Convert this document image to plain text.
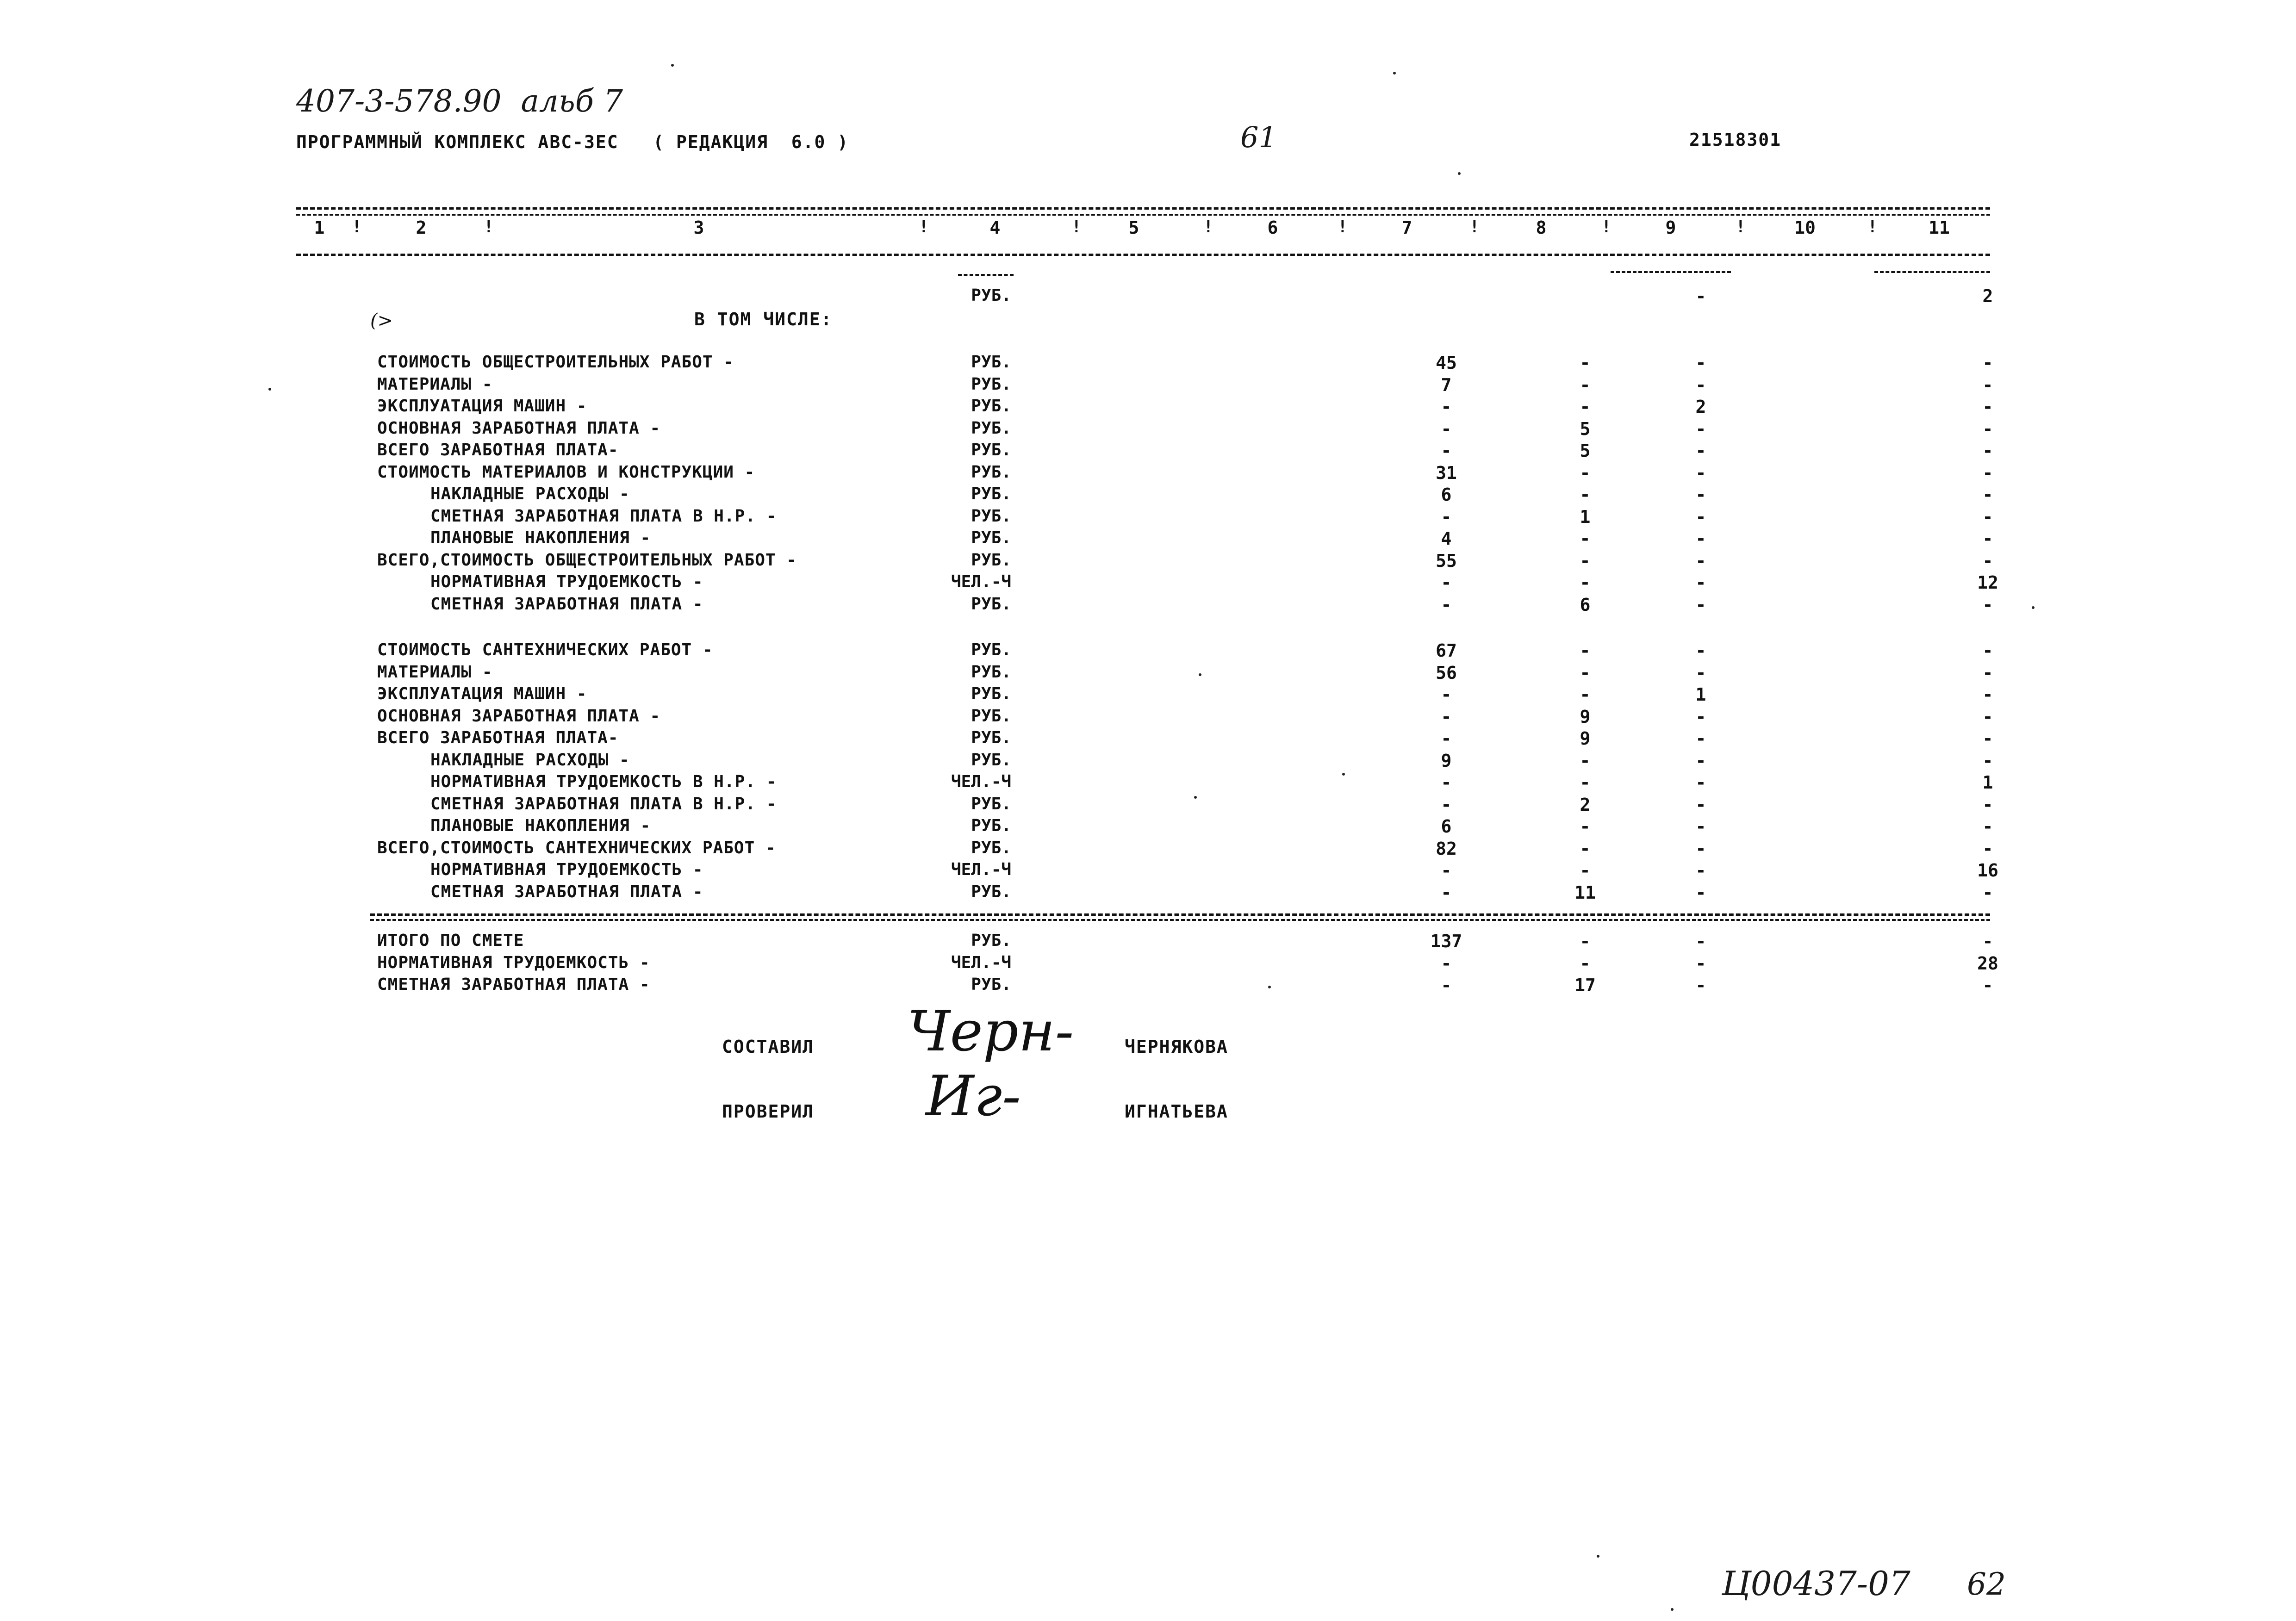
407-3-578.90  альб 7
ПРОГРАММНЫЙ КОМПЛЕКС АВС-3ЕС   ( РЕДАКЦИЯ  6.0 )	61	21518301
1	!	2	!	3	!	4	!	5	!	6	!	7	!	8	!	9	!	10	!	11
РУБ.	-	2
В ТОМ ЧИСЛЕ:
(>
СТОИМОСТЬ ОБЩЕСТРОИТЕЛЬНЫХ РАБОТ -	РУБ.	45	-	-	-
МАТЕРИАЛЫ -	РУБ.	7	-	-	-
ЭКСПЛУАТАЦИЯ МАШИН -	РУБ.	-	-	2	-
ОСНОВНАЯ ЗАРАБОТНАЯ ПЛАТА -	РУБ.	-	5	-	-
ВСЕГО ЗАРАБОТНАЯ ПЛАТА-	РУБ.	-	5	-	-
СТОИМОСТЬ МАТЕРИАЛОВ И КОНСТРУКЦИИ -	РУБ.	31	-	-	-
НАКЛАДНЫЕ РАСХОДЫ -	РУБ.	6	-	-	-
СМЕТНАЯ ЗАРАБОТНАЯ ПЛАТА В Н.Р. -	РУБ.	-	1	-	-
ПЛАНОВЫЕ НАКОПЛЕНИЯ -	РУБ.	4	-	-	-
ВСЕГО,СТОИМОСТЬ ОБЩЕСТРОИТЕЛЬНЫХ РАБОТ -	РУБ.	55	-	-	-
НОРМАТИВНАЯ ТРУДОЕМКОСТЬ -	ЧЕЛ.-Ч	-	-	-	12
СМЕТНАЯ ЗАРАБОТНАЯ ПЛАТА -	РУБ.	-	6	-	-
СТОИМОСТЬ САНТЕХНИЧЕСКИХ РАБОТ -	РУБ.	67	-	-	-
МАТЕРИАЛЫ -	РУБ.	56	-	-	-
ЭКСПЛУАТАЦИЯ МАШИН -	РУБ.	-	-	1	-
ОСНОВНАЯ ЗАРАБОТНАЯ ПЛАТА -	РУБ.	-	9	-	-
ВСЕГО ЗАРАБОТНАЯ ПЛАТА-	РУБ.	-	9	-	-
НАКЛАДНЫЕ РАСХОДЫ -	РУБ.	9	-	-	-
НОРМАТИВНАЯ ТРУДОЕМКОСТЬ В Н.Р. -	ЧЕЛ.-Ч	-	-	-	1
СМЕТНАЯ ЗАРАБОТНАЯ ПЛАТА В Н.Р. -	РУБ.	-	2	-	-
ПЛАНОВЫЕ НАКОПЛЕНИЯ -	РУБ.	6	-	-	-
ВСЕГО,СТОИМОСТЬ САНТЕХНИЧЕСКИХ РАБОТ -	РУБ.	82	-	-	-
НОРМАТИВНАЯ ТРУДОЕМКОСТЬ -	ЧЕЛ.-Ч	-	-	-	16
СМЕТНАЯ ЗАРАБОТНАЯ ПЛАТА -	РУБ.	-	11	-	-
ИТОГО ПО СМЕТЕ	РУБ.	137	-	-	-
НОРМАТИВНАЯ ТРУДОЕМКОСТЬ -	ЧЕЛ.-Ч	-	-	-	28
СМЕТНАЯ ЗАРАБОТНАЯ ПЛАТА -	РУБ.	-	17	-	-
СОСТАВИЛ Черн-	ЧЕРНЯКОВА
ПРОВЕРИЛ Иг-	ИГНАТЬЕВА
Ц00437-07 62
